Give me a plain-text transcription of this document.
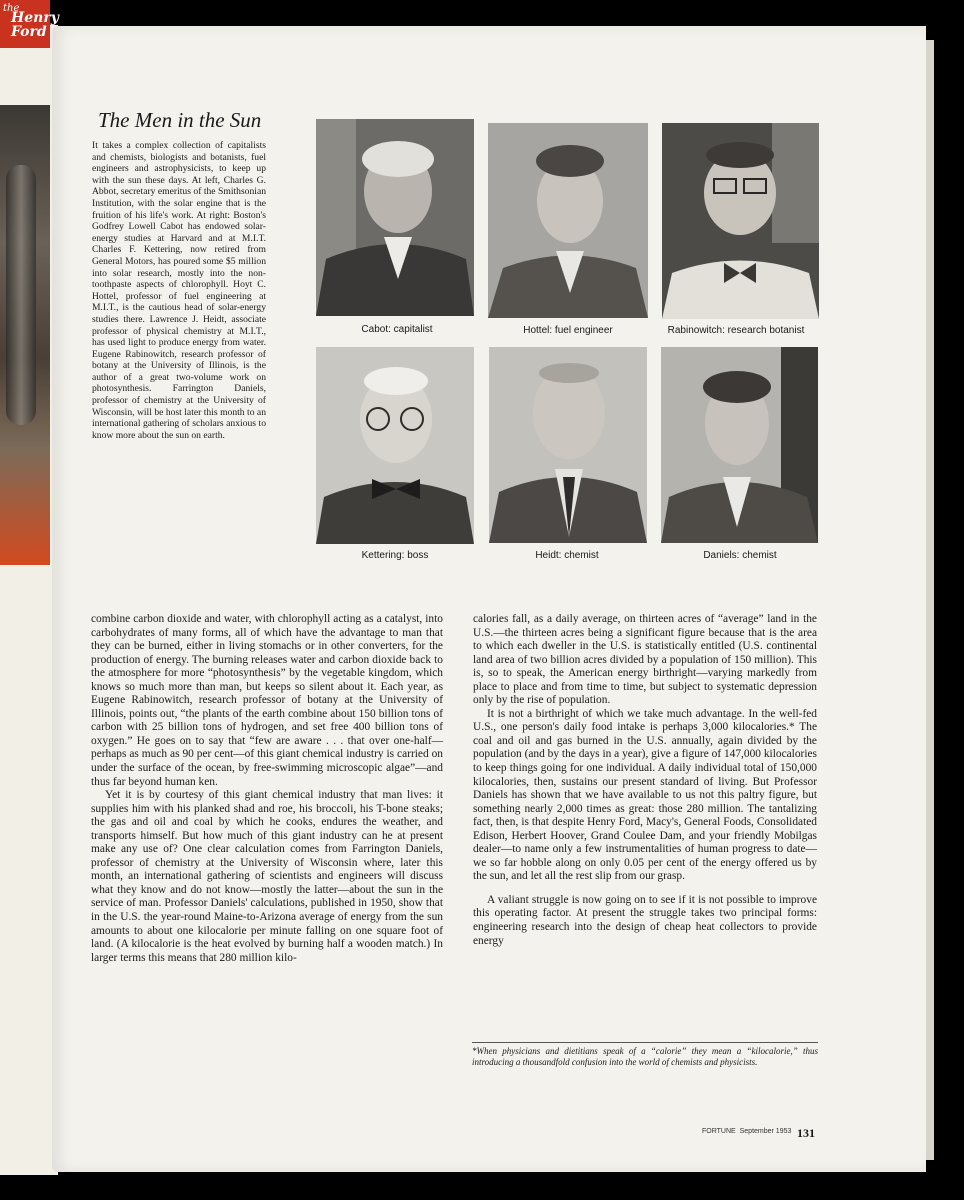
the
Henry
Ford
The Men in the Sun
It takes a complex collection of capitalists and chemists, biologists and botanists, fuel engineers and astrophysicists, to keep up with the sun these days. At left, Charles G. Abbot, secretary emeritus of the Smithsonian Institution, with the solar engine that is the fruition of his life's work. At right: Boston's Godfrey Lowell Cabot has endowed solar-energy studies at Harvard and at M.I.T. Charles F. Kettering, now retired from General Motors, has poured some $5 million into solar research, mostly into the non-toothpaste aspects of chlorophyll. Hoyt C. Hottel, professor of fuel engineering at M.I.T., is the cautious head of solar-energy studies there. Lawrence J. Heidt, associate professor of physical chemistry at M.I.T., has used light to produce energy from water. Eugene Rabinowitch, research professor of botany at the University of Illinois, is the author of a great two-volume work on photosynthesis. Farrington Daniels, professor of chemistry at the University of Wisconsin, will be host later this month to an international gathering of scholars anxious to know more about the sun on earth.
Cabot: capitalist	Hottel: fuel engineer	Rabinowitch: research botanist
Kettering: boss	Heidt: chemist	Daniels: chemist

combine carbon dioxide and water, with chlorophyll acting as a catalyst, into carbohydrates of many forms, all of which have the advantage to man that they can be burned, either in living stomachs or in other converters, for the production of energy. The burning releases water and carbon dioxide back to the atmosphere for more “photosynthesis” by the vegetable kingdom, which knows so much more than man, but keeps so silent about it. Each year, as Eugene Rabinowitch, research professor of botany at the University of Illinois, points out, “the plants of the earth combine about 150 billion tons of carbon with 25 billion tons of hydrogen, and set free 400 billion tons of oxygen.” He goes on to say that “few are aware . . . that over one-half—perhaps as much as 90 per cent—of this giant chemical industry is carried on under the surface of the ocean, by free-swimming microscopic algae”—and thus far beyond human ken.

Yet it is by courtesy of this giant chemical industry that man lives: it supplies him with his planked shad and roe, his broccoli, his T-bone steaks; the gas and oil and coal by which he cooks, endures the weather, and transports himself. But how much of this giant industry can he at present make any use of? One clear calculation comes from Farrington Daniels, professor of chemistry at the University of Wisconsin where, later this month, an international gathering of scientists and engineers will discuss what they know and do not know—mostly the latter—about the sun in the service of man. Professor Daniels' calculations, published in 1950, show that in the U.S. the year-round Maine-to-Arizona average of energy from the sun amounts to about one kilocalorie per minute falling on one square foot of land. (A kilocalorie is the heat evolved by burning half a wooden match.) In larger terms this means that 280 million kilo-

calories fall, as a daily average, on thirteen acres of “average” land in the U.S.—the thirteen acres being a significant figure because that is the area to which each dweller in the U.S. is statistically entitled (U.S. continental land area of two billion acres divided by a population of 150 million). This is, so to speak, the American energy birthright—varying markedly from place to place and from time to time, but subject to systematic depression only by the rise of population.

It is not a birthright of which we take much advantage. In the well-fed U.S., one person's daily food intake is perhaps 3,000 kilocalories.* The coal and oil and gas burned in the U.S. annually, again divided by the population (and by the days in a year), give a figure of 147,000 kilocalories to keep things going for one individual. A daily individual total of 150,000 kilocalories, then, sustains our present standard of living. But Professor Daniels has shown that we have available to us not this paltry figure, but something nearly 2,000 times as great: those 280 million. The tantalizing fact, then, is that despite Henry Ford, Macy's, General Foods, Consolidated Edison, Herbert Hoover, Grand Coulee Dam, and your friendly Mobilgas dealer—to name only a few instrumentalities of human progress to date—we so far hobble along on only 0.05 per cent of the energy offered us by the sun, and let all the rest slip from our grasp.

A valiant struggle is now going on to see if it is not possible to improve this operating factor. At present the struggle takes two principal forms: engineering research into the design of cheap heat collectors to provide energy

*When physicians and dietitians speak of a “calorie” they mean a “kilocalorie,” thus introducing a thousandfold confusion into the world of chemists and physicists.
FORTUNE September 1953 131
